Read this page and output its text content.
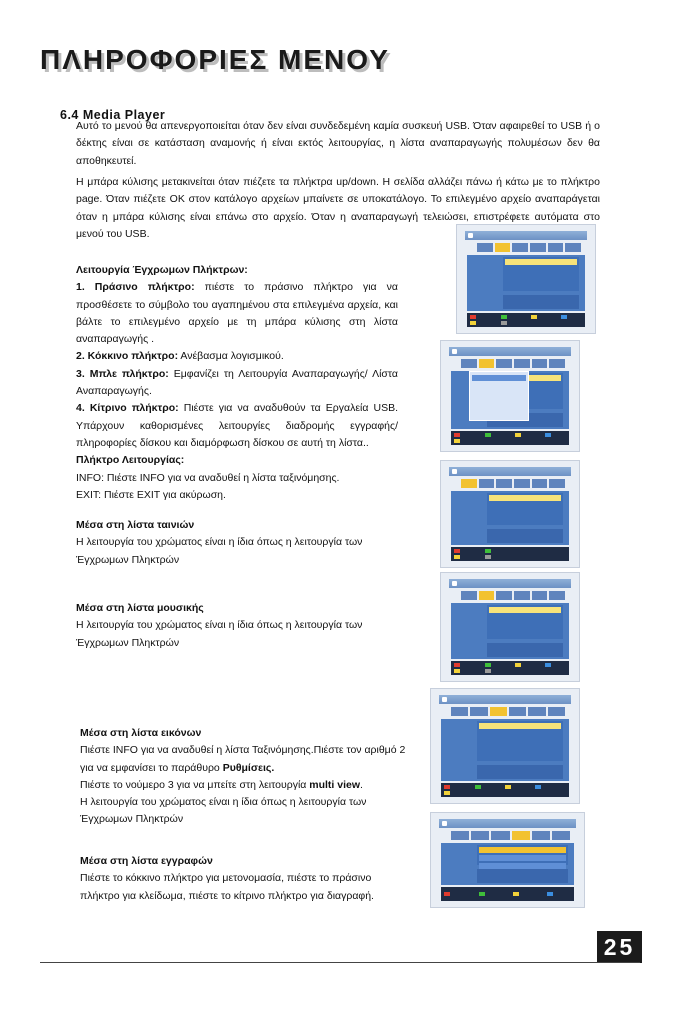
ΠΛΗΡΟΦΟΡΙΕΣ ΜΕΝΟΥ
6.4 Media Player

Αυτό το μενού θα απενεργοποιείται όταν δεν είναι συνδεδεμένη καμία συσκευή USB. Όταν αφαιρεθεί το USB ή ο δέκτης είναι σε κατάσταση αναμονής ή είναι εκτός λειτουργίας, η λίστα αναπαραγωγής πολυμέσων δεν θα αποθηκευτεί.

Η μπάρα κύλισης μετακινείται όταν πιέζετε τα πλήκτρα up/down. Η σελίδα αλλάζει πάνω ή κάτω με το πλήκτρο page. Όταν πιέζετε OK στον κατάλογο αρχείων μπαίνετε σε υποκατάλογο. Το επιλεγμένο αρχείο αναπαράγεται όταν η μπάρα κύλισης είναι επάνω στο αρχείο. Όταν η αναπαραγωγή τελειώσει, επιστρέφετε αυτόματα στο μενού του USB.

Λειτουργία Έγχρωμων Πλήκτρων:
1. Πράσινο πλήκτρο: πιέστε το πράσινο πλήκτρο για να προσθέσετε το σύμβολο του αγαπημένου στα επιλεγμένα αρχεία, και βάλτε το επιλεγμένο αρχείο με τη μπάρα κύλισης στη λίστα αναπαραγωγής .
2. Κόκκινο πλήκτρο: Ανέβασμα λογισμικού.
3. Μπλε πλήκτρο: Εμφανίζει τη Λειτουργία Αναπαραγωγής/ Λίστα Αναπαραγωγής.
4. Κίτρινο πλήκτρο: Πιέστε για να αναδυθούν τα Εργαλεία USB. Υπάρχουν καθορισμένες λειτουργίες διαδρομής εγγραφής/πληροφορίες δίσκου και διαμόρφωση δίσκου σε αυτή τη λίστα..
Πλήκτρο Λειτουργίας:
INFO: Πιέστε INFO για να αναδυθεί η λίστα ταξινόμησης.
EXIT: Πιέστε EXIT για ακύρωση.
Μέσα στη λίστα ταινιών
Η λειτουργία του χρώματος είναι η ίδια όπως η λειτουργία των Έγχρωμων Πληκτρών
Μέσα στη λίστα μουσικής
Η λειτουργία του χρώματος είναι η ίδια όπως η λειτουργία των Έγχρωμων Πληκτρών
Μέσα στη λίστα εικόνων
Πιέστε INFO για να αναδυθεί η λίστα Ταξινόμησης.Πιέστε τον αριθμό 2 για να εμφανίσει το παράθυρο Ρυθμίσεις.
Πιέστε το νούμερο 3 για να μπείτε στη λειτουργία multi view.
Η λειτουργία του χρώματος είναι η ίδια όπως η λειτουργία των Έγχρωμων Πληκτρών
Μέσα στη λίστα εγγραφών
Πιέστε το κόκκινο πλήκτρο για μετονομασία, πιέστε το πράσινο πλήκτρο για κλείδωμα, πιέστε το κίτρινο πλήκτρο για διαγραφή.
25
